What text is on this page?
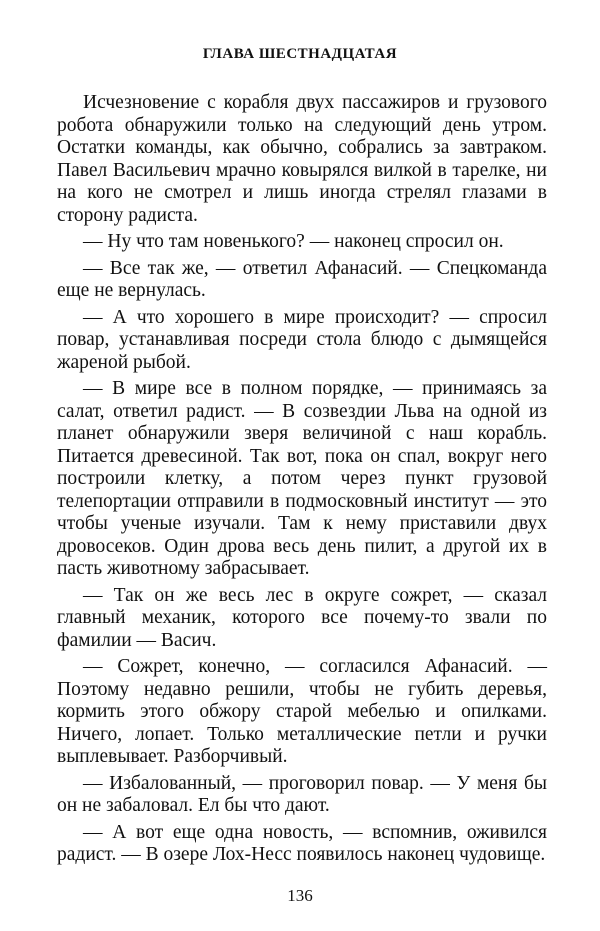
ГЛАВА ШЕСТНАДЦАТАЯ

Исчезновение с корабля двух пассажиров и грузового робота обнаружили только на следующий день утром. Остатки команды, как обычно, собрались за завтраком. Павел Васильевич мрачно ковырялся вилкой в тарелке, ни на кого не смотрел и лишь иногда стрелял глазами в сторону радиста.

— Ну что там новенького? — наконец спросил он.

— Все так же, — ответил Афанасий. — Спецкоманда еще не вернулась.

— А что хорошего в мире происходит? — спросил повар, устанавливая посреди стола блюдо с дымящейся жареной рыбой.

— В мире все в полном порядке, — принимаясь за салат, ответил радист. — В созвездии Льва на одной из планет обнаружили зверя величиной с наш корабль. Питается древесиной. Так вот, пока он спал, вокруг него построили клетку, а потом через пункт грузовой телепортации отправили в подмосковный институт — это чтобы ученые изучали. Там к нему приставили двух дровосеков. Один дрова весь день пилит, а другой их в пасть животному забрасывает.

— Так он же весь лес в округе сожрет, — сказал главный механик, которого все почему-то звали по фамилии — Васич.

— Сожрет, конечно, — согласился Афанасий. — Поэтому недавно решили, чтобы не губить деревья, кормить этого обжору старой мебелью и опилками. Ничего, лопает. Только металлические петли и ручки выплевывает. Разборчивый.

— Избалованный, — проговорил повар. — У меня бы он не забаловал. Ел бы что дают.

— А вот еще одна новость, — вспомнив, оживился радист. — В озере Лох-Несс появилось наконец чудовище.

136
